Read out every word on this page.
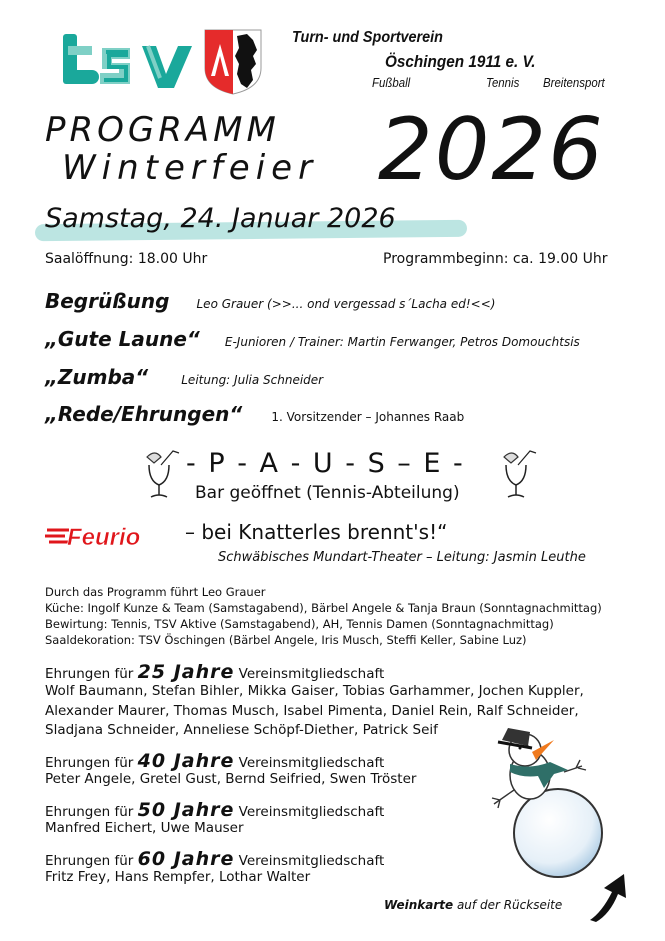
Turn- und Sportverein
Öschingen 1911 e. V.
Fußball	Tennis Breitensport
PROGRAMM
Winterfeier 2026
Samstag, 24. Januar 2026
Saalöffnung: 18.00 Uhr	Programmbeginn: ca. 19.00 Uhr
Begrüßung Leo Grauer (>>... ond vergessad s´Lacha ed!<<)
„Gute Laune“ E-Junioren / Trainer: Martin Ferwanger, Petros Domouchtsis
„Zumba“	Leitung: Julia Schneider
„Rede/Ehrungen“ 1. Vorsitzender – Johannes Raab
- P - A - U - S – E -
Bar geöffnet (Tennis-Abteilung)
Feurio – bei Knatterles brennt's!“
Schwäbisches Mundart-Theater – Leitung: Jasmin Leuthe
Durch das Programm führt Leo Grauer
Küche: Ingolf Kunze & Team (Samstagabend), Bärbel Angele & Tanja Braun (Sonntagnachmittag)
Bewirtung: Tennis, TSV Aktive (Samstagabend), AH, Tennis Damen (Sonntagnachmittag)
Saaldekoration: TSV Öschingen (Bärbel Angele, Iris Musch, Steffi Keller, Sabine Luz)
Ehrungen für 25 Jahre Vereinsmitgliedschaft
Wolf Baumann, Stefan Bihler, Mikka Gaiser, Tobias Garhammer, Jochen Kuppler,
Alexander Maurer, Thomas Musch, Isabel Pimenta, Daniel Rein, Ralf Schneider,
Sladjana Schneider, Anneliese Schöpf-Diether, Patrick Seif
Ehrungen für 40 Jahre Vereinsmitgliedschaft
Peter Angele, Gretel Gust, Bernd Seifried, Swen Tröster
Ehrungen für 50 Jahre Vereinsmitgliedschaft
Manfred Eichert, Uwe Mauser
Ehrungen für 60 Jahre Vereinsmitgliedschaft
Fritz Frey, Hans Rempfer, Lothar Walter
Weinkarte auf der Rückseite
